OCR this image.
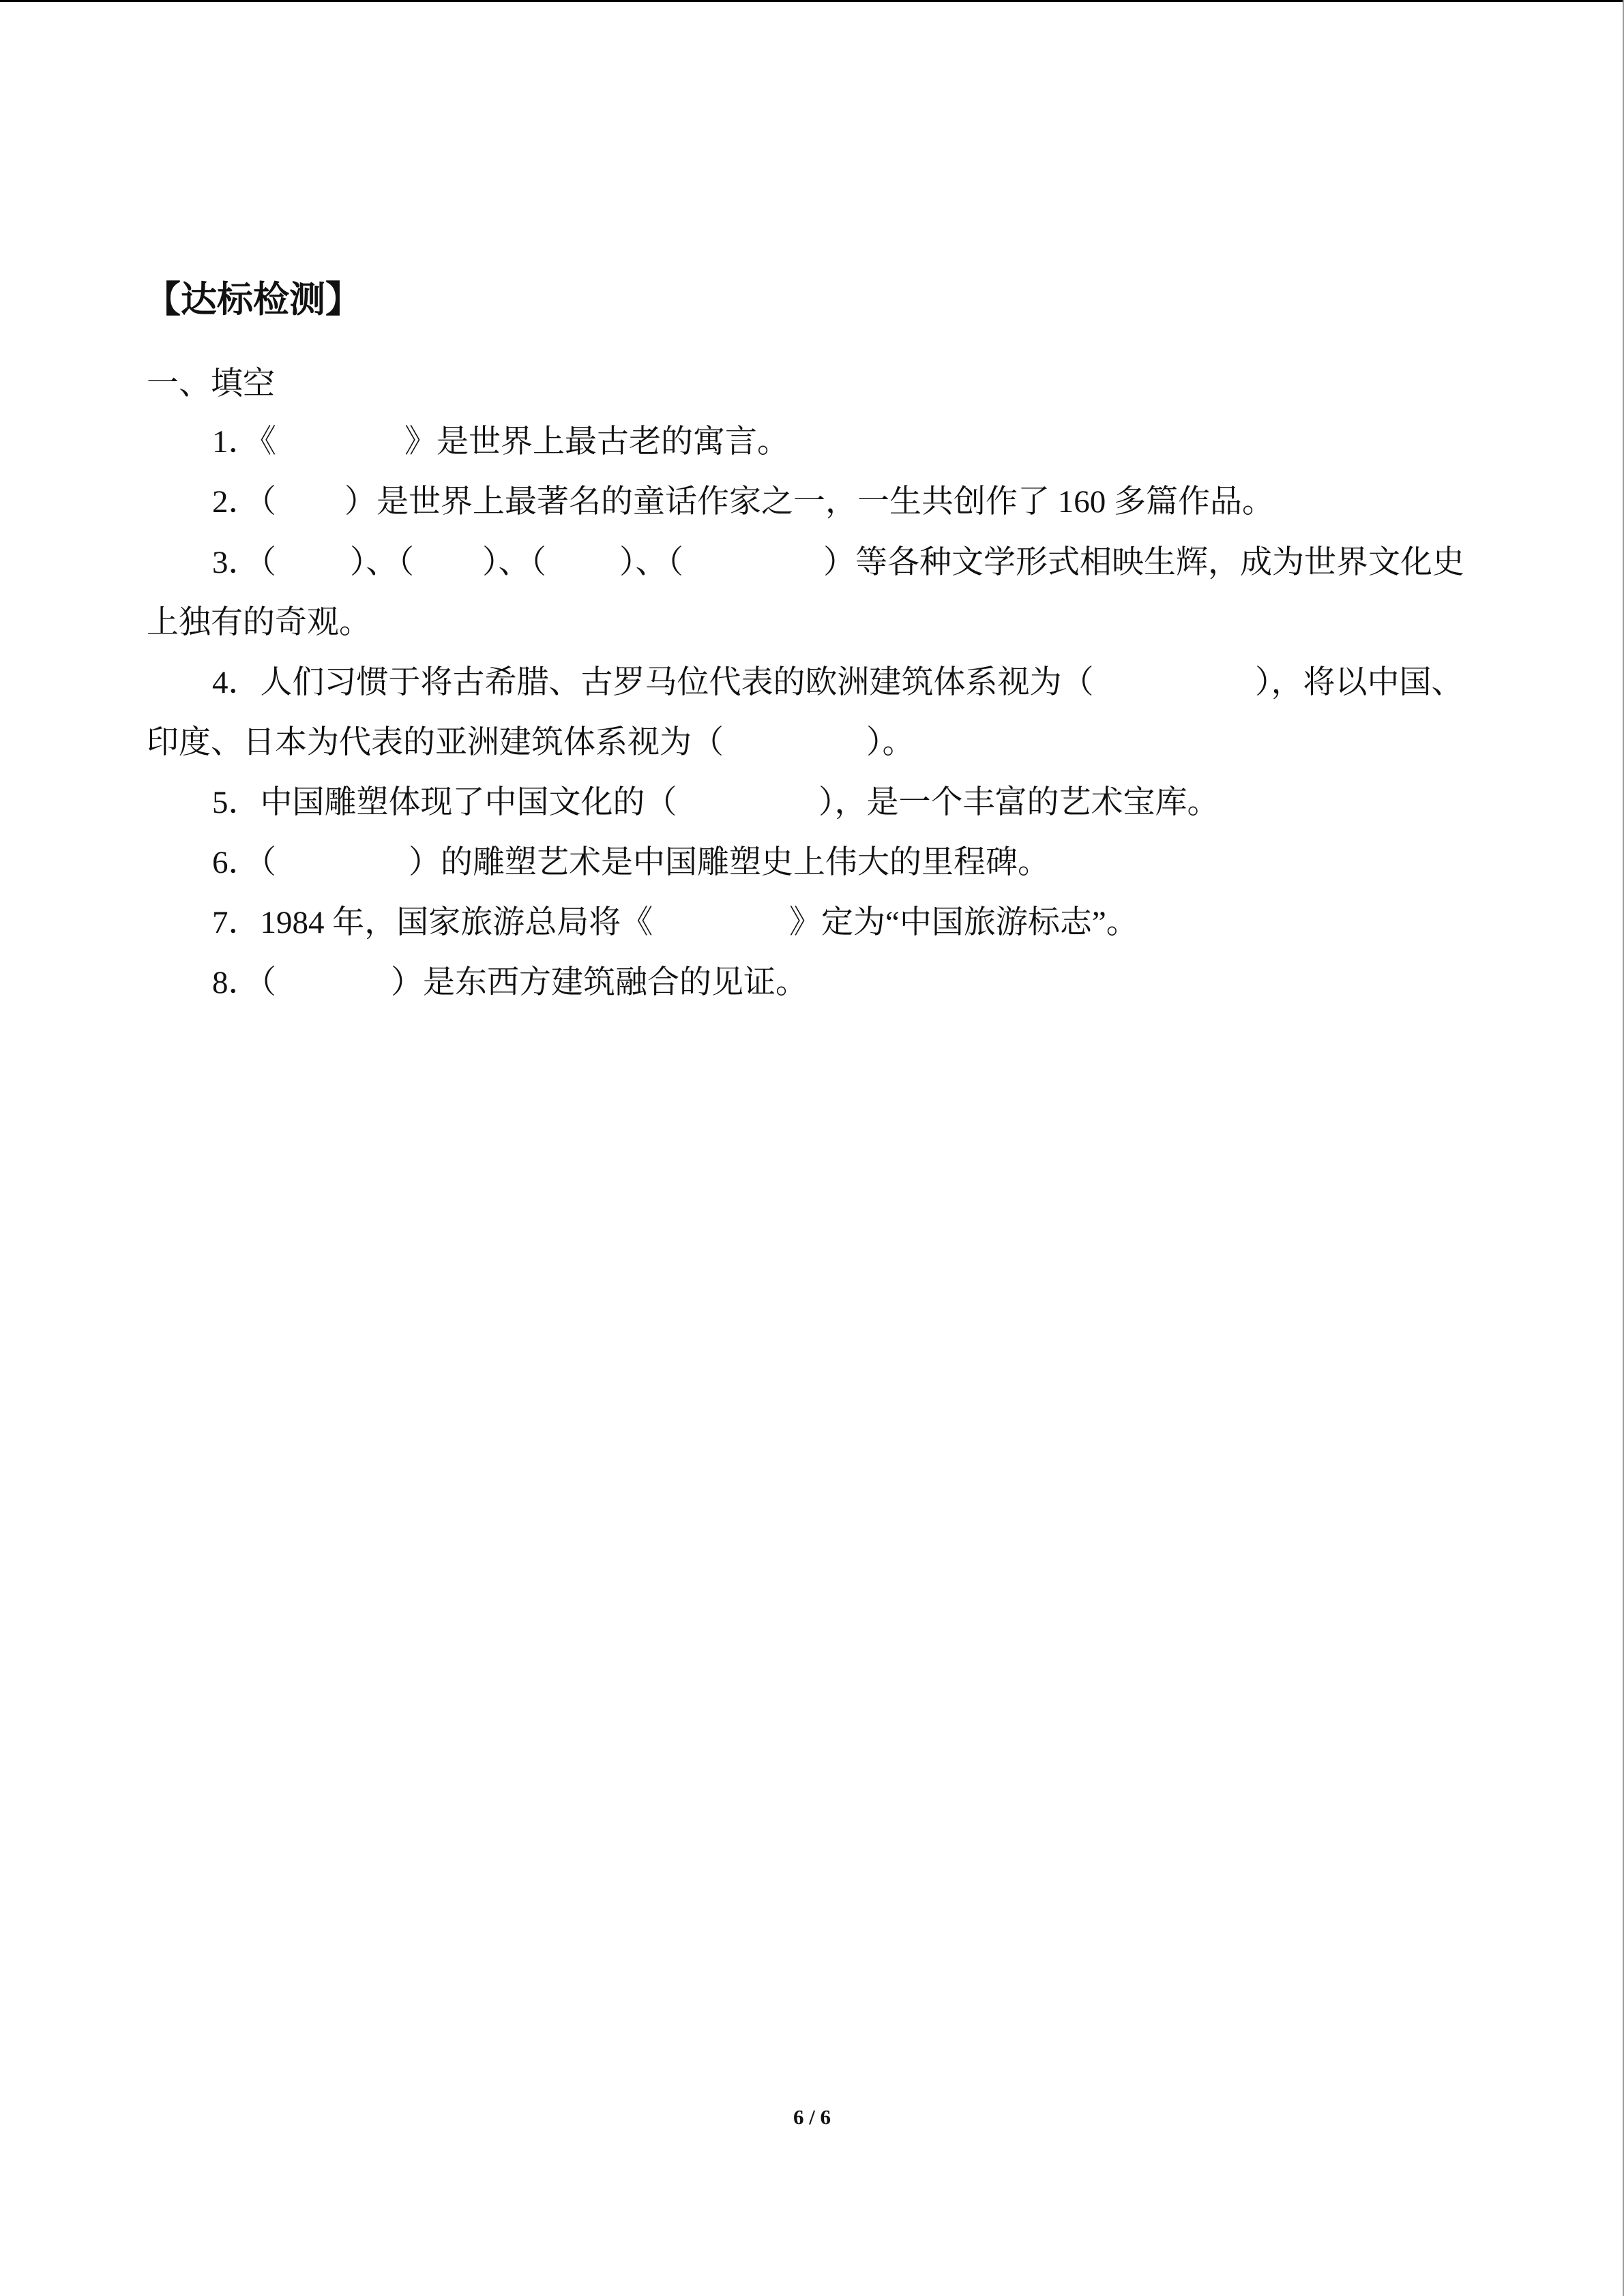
【达标检测】
一、填空
1．《	》是世界上最古老的寓言。
2．（ ）是世界上最著名的童话作家之一，一生共创作了 160 多篇作品。
3．（ ）、（ ）、（ ）、（	）等各种文学形式相映生辉，成为世界文化史
上独有的奇观。
4．人们习惯于将古希腊、古罗马位代表的欧洲建筑体系视为（	），将以中国、
印度、日本为代表的亚洲建筑体系视为（	）。
5．中国雕塑体现了中国文化的（	），是一个丰富的艺术宝库。
6．（	）的雕塑艺术是中国雕塑史上伟大的里程碑。
7．1984 年，国家旅游总局将《	》定为“中国旅游标志”。
8．（	）是东西方建筑融合的见证。
6 / 6
